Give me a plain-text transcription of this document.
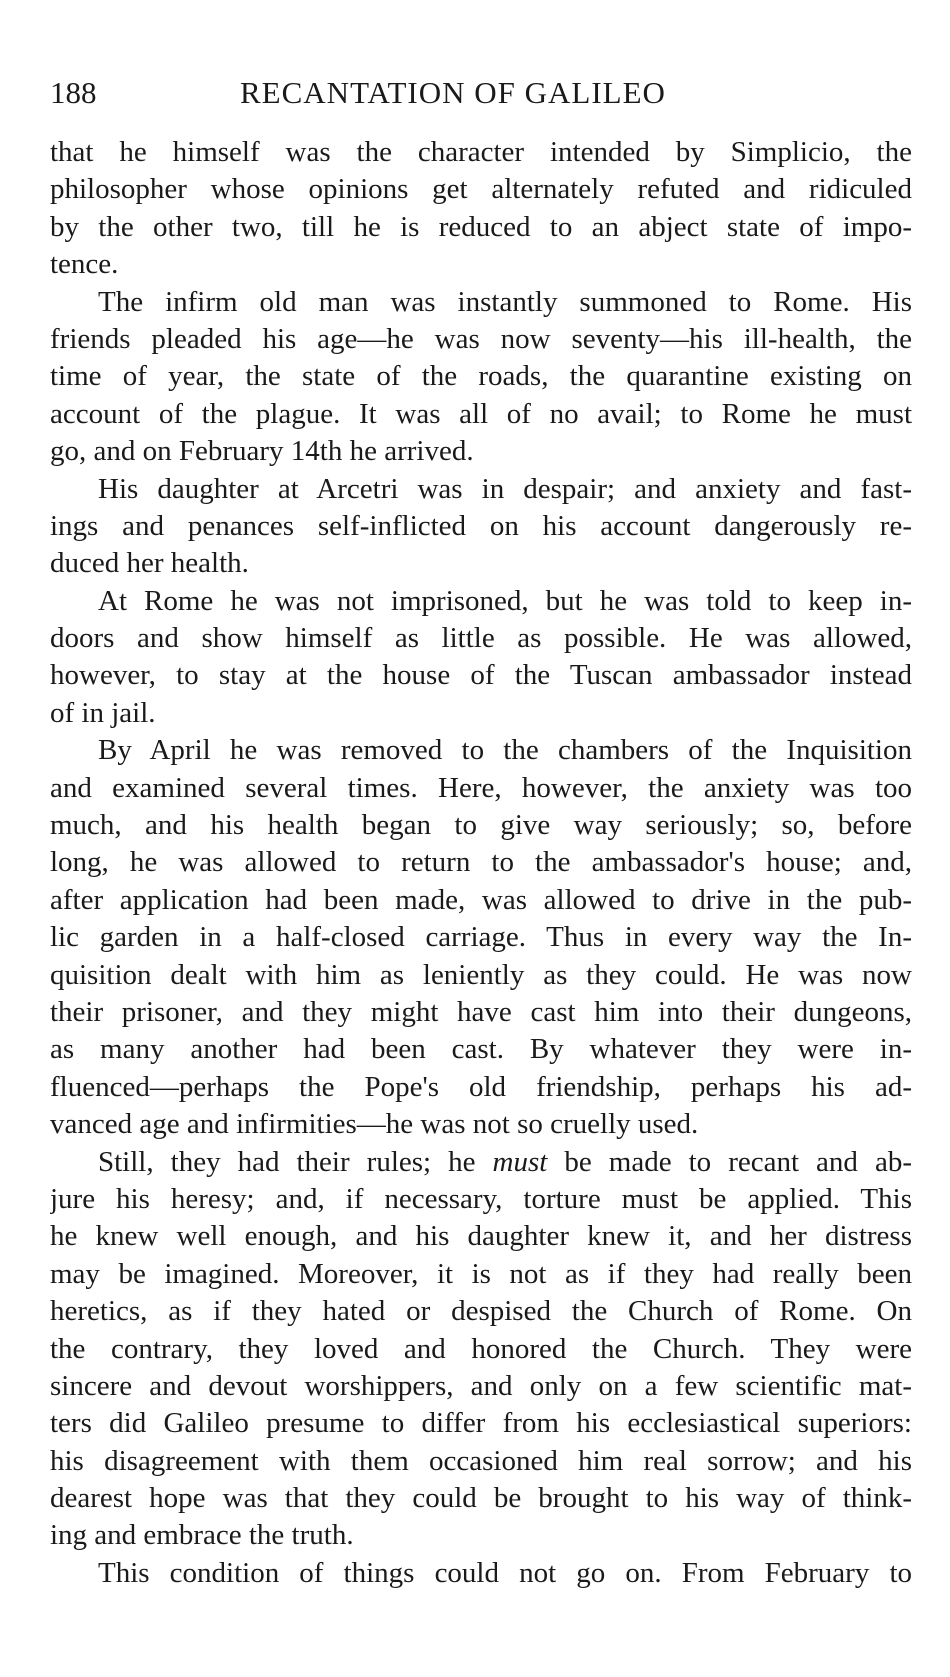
188	RECANTATION OF GALILEO
that he himself was the character intended by Simplicio, the
philosopher whose opinions get alternately refuted and ridiculed
by the other two, till he is reduced to an abject state of impo-
tence.
The infirm old man was instantly summoned to Rome. His
friends pleaded his age—he was now seventy—his ill-health, the
time of year, the state of the roads, the quarantine existing on
account of the plague. It was all of no avail; to Rome he must
go, and on February 14th he arrived.
His daughter at Arcetri was in despair; and anxiety and fast-
ings and penances self-inflicted on his account dangerously re-
duced her health.
At Rome he was not imprisoned, but he was told to keep in-
doors and show himself as little as possible. He was allowed,
however, to stay at the house of the Tuscan ambassador instead
of in jail.
By April he was removed to the chambers of the Inquisition
and examined several times. Here, however, the anxiety was too
much, and his health began to give way seriously; so, before
long, he was allowed to return to the ambassador's house; and,
after application had been made, was allowed to drive in the pub-
lic garden in a half-closed carriage. Thus in every way the In-
quisition dealt with him as leniently as they could. He was now
their prisoner, and they might have cast him into their dungeons,
as many another had been cast. By whatever they were in-
fluenced—perhaps the Pope's old friendship, perhaps his ad-
vanced age and infirmities—he was not so cruelly used.
Still, they had their rules; he must be made to recant and ab-
jure his heresy; and, if necessary, torture must be applied. This
he knew well enough, and his daughter knew it, and her distress
may be imagined. Moreover, it is not as if they had really been
heretics, as if they hated or despised the Church of Rome. On
the contrary, they loved and honored the Church. They were
sincere and devout worshippers, and only on a few scientific mat-
ters did Galileo presume to differ from his ecclesiastical superiors:
his disagreement with them occasioned him real sorrow; and his
dearest hope was that they could be brought to his way of think-
ing and embrace the truth.
This condition of things could not go on. From February to
